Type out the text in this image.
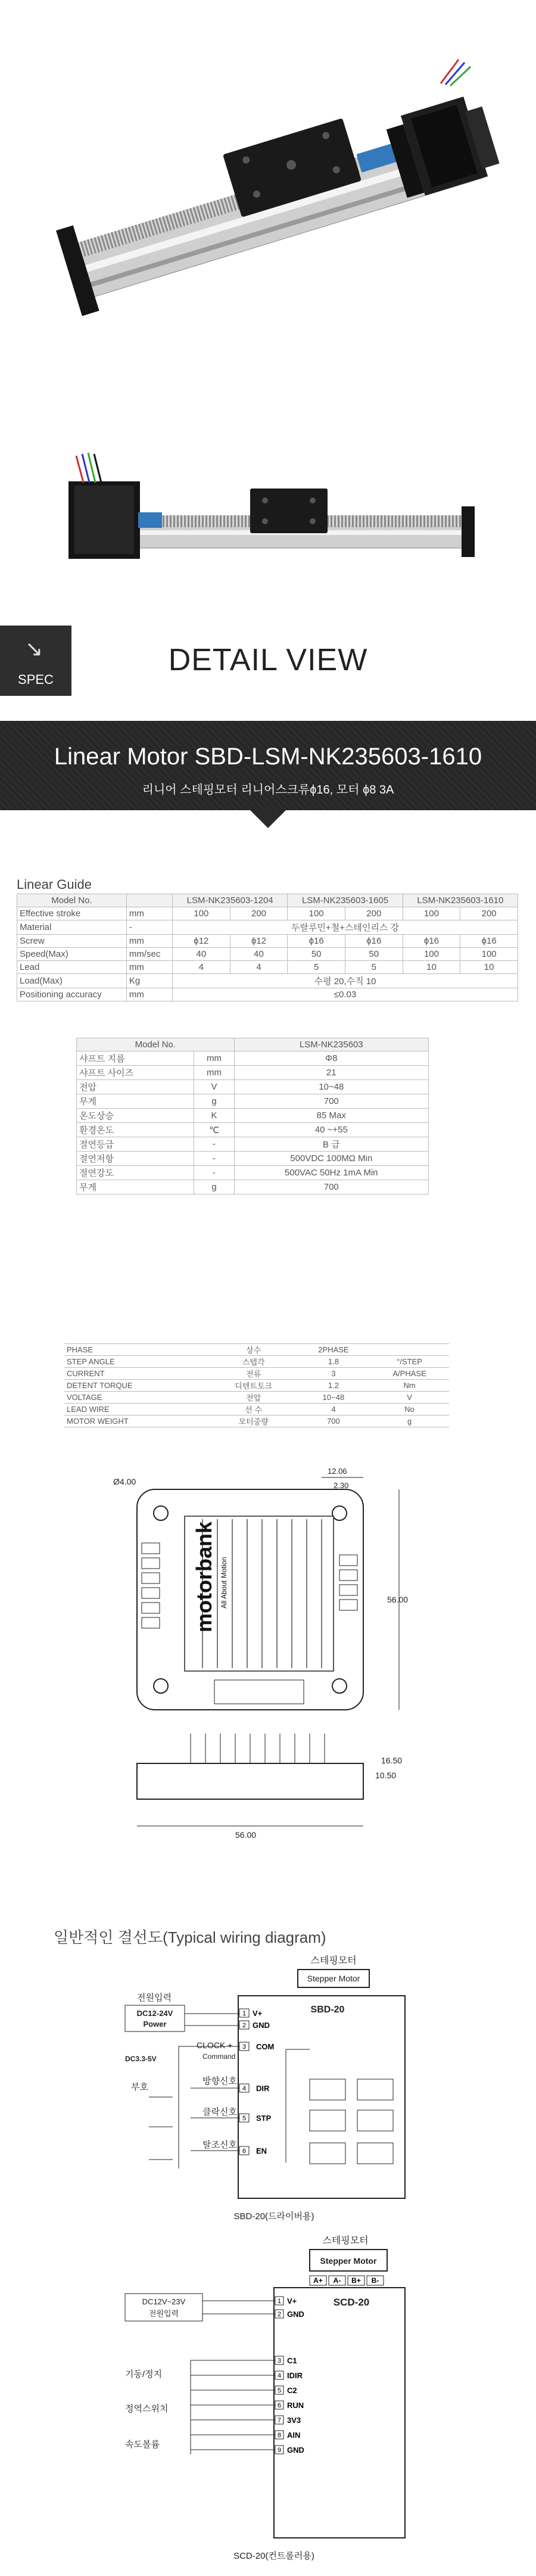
↘
SPEC
DETAIL VIEW
Linear Motor SBD-LSM-NK235603-1610

리니어 스테핑모터 리니어스크류ϕ16, 모터 ϕ8 3A

Linear Guide
Model No.		LSM-NK235603-1204		LSM-NK235603-1605		LSM-NK235603-1610	
Effective stroke	mm	100	200	100	200	100	200
Material	-	두랄루민+철+스테인리스 강					
Screw	mm	ϕ12	ϕ12	ϕ16	ϕ16	ϕ16	ϕ16
Speed(Max)	mm/sec	40	40	50	50	100	100
Lead	mm	4	4	5	5	10	10
Load(Max)	Kg	수평 20,수직 10					
Positioning accuracy	mm	≤0.03					
Model No.		LSM-NK235603
샤프트 지름	mm	Φ8
샤프트 사이즈	mm	21
전압	V	10~48
무게	g	700
온도상승	K	85 Max
환경온도	℃	40 ~+55
절연등급	-	B 급
절연저항	-	500VDC 100MΩ Min
절연강도	-	500VAC 50Hz 1mA Min
무게	g	700
PHASE	상수	2PHASE	
STEP ANGLE	스텝각	1.8	°/STEP
CURRENT	전류	3	A/PHASE
DETENT TORQUE	디텐트토크	1.2	Nm
VOLTAGE	전압	10~48	V
LEAD WIRE	선 수	4	No
MOTOR WEIGHT	모터중량	700	g
motorbank All About Motion
12.06
2.30
Ø4.00
56.00
56.00
16.50
10.50
일반적인 결선도(Typical wiring diagram)
스테핑모터
Stepper Motor
SBD-20
전원입력
DC12-24V
Power
1 V+
2 GND
CLOCK +
Command
DC3.3-5V
COM
DIR
STP
EN
방향신호
클락신호
탈조신호
부호
3
4
5
6
SBD-20(드라이버용)
스테핑모터
Stepper Motor
A+ A- B+ B-
SCD-20
DC12V~23V
전원입력
1 V+
2 GND
기동/정지
정역스위치
속도볼륨
3 C1
4 IDIR
5 C2
6 RUN
7 3V3
8 AIN
9 GND
SCD-20(컨트롤러용)
